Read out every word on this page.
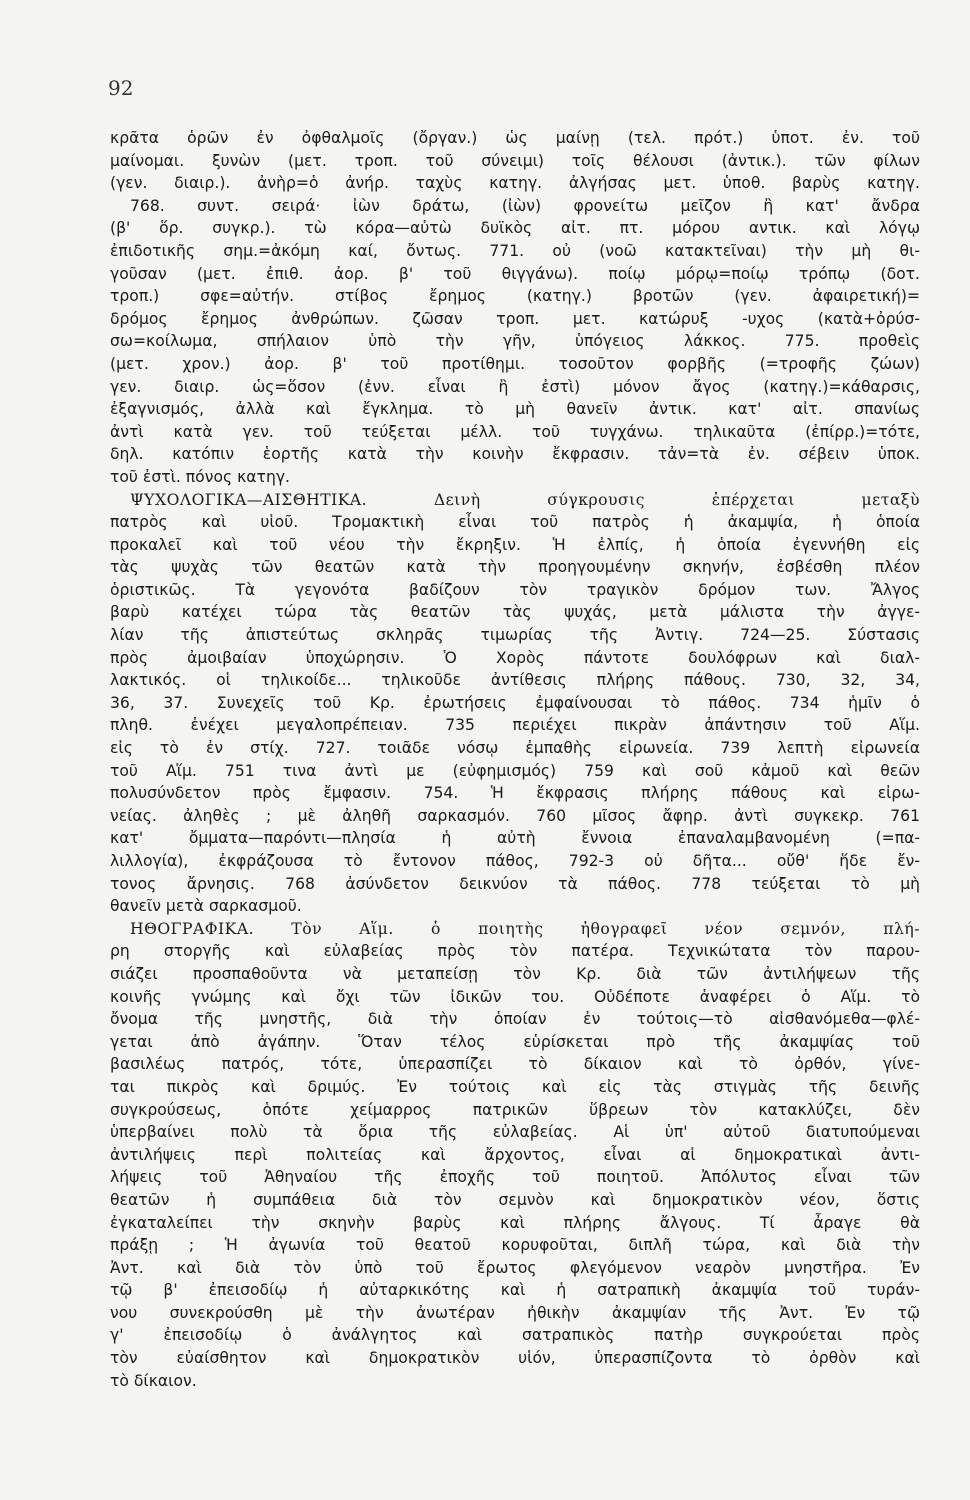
92
κρᾶτα ὁρῶν ἐν ὀφθαλμοῖς (ὄργαν.) ὡς μαίνῃ (τελ. πρότ.) ὑποτ. ἐν. τοῦ
μαίνομαι. ξυνὼν (μετ. τροπ. τοῦ σύνειμι) τοῖς θέλουσι (ἀντικ.). τῶν φίλων
(γεν. διαιρ.). ἀνὴρ=ὁ ἀνήρ. ταχὺς κατηγ. ἀλγήσας μετ. ὑποθ. βαρὺς κατηγ.
768. συντ. σειρά· ἰὼν δράτω, (ἰὼν) φρονείτω μεῖζον ἢ κατ' ἄνδρα
(β' ὅρ. συγκρ.). τὼ κόρα—αὐτὼ δυϊκὸς αἰτ. πτ. μόρου αντικ. καὶ λόγῳ
ἐπιδοτικῆς σημ.=ἀκόμη καί, ὄντως. 771. οὐ (νοῶ κατακτεῖναι) τὴν μὴ θι-
γοῦσαν (μετ. ἐπιθ. ἀορ. β' τοῦ θιγγάνω). ποίῳ μόρῳ=ποίῳ τρόπῳ (δοτ.
τροπ.) σφε=αὐτήν. στίβος ἔρημος (κατηγ.) βροτῶν (γεν. ἀφαιρετική)=
δρόμος ἔρημος ἀνθρώπων. ζῶσαν τροπ. μετ. κατώρυξ -υχος (κατὰ+ὀρύσ-
σω=κοίλωμα, σπήλαιον ὑπὸ τὴν γῆν, ὑπόγειος λάκκος. 775. προθεὶς
(μετ. χρον.) ἀορ. β' τοῦ προτίθημι. τοσοῦτον φορβῆς (=τροφῆς ζώων)
γεν. διαιρ. ὡς=ὅσον (ἐνν. εἶναι ἢ ἐστὶ) μόνον ἄγος (κατηγ.)=κάθαρσις,
ἐξαγνισμός, ἀλλὰ καὶ ἔγκλημα. τὸ μὴ θανεῖν ἀντικ. κατ' αἰτ. σπανίως
ἀντὶ κατὰ γεν. τοῦ τεύξεται μέλλ. τοῦ τυγχάνω. τηλικαῦτα (ἐπίρρ.)=τότε,
δηλ. κατόπιν ἑορτῆς κατὰ τὴν κοινὴν ἔκφρασιν. τἀν=τὰ ἐν. σέβειν ὑποκ.
τοῦ ἐστὶ. πόνος κατηγ.
ΨΥΧΟΛΟΓΙΚΑ—ΑΙΣΘΗΤΙΚΑ. Δεινὴ σύγκρουσις ἐπέρχεται μεταξὺ
πατρὸς καὶ υἱοῦ. Τρομακτικὴ εἶναι τοῦ πατρὸς ἡ ἀκαμψία, ἡ ὁποία
προκαλεῖ καὶ τοῦ νέου τὴν ἔκρηξιν. Ἡ ἐλπίς, ἡ ὁποία ἐγεννήθη εἰς
τὰς ψυχὰς τῶν θεατῶν κατὰ τὴν προηγουμένην σκηνήν, ἐσβέσθη πλέον
ὁριστικῶς. Τὰ γεγονότα βαδίζουν τὸν τραγικὸν δρόμον των. Ἄλγος
βαρὺ κατέχει τώρα τὰς θεατῶν τὰς ψυχάς, μετὰ μάλιστα τὴν ἀγγε-
λίαν τῆς ἀπιστεύτως σκληρᾶς τιμωρίας τῆς Ἀντιγ. 724—25. Σύστασις
πρὸς ἀμοιβαίαν ὑποχώρησιν. Ὁ Χορὸς πάντοτε δουλόφρων καὶ διαλ-
λακτικός. οἱ τηλικοίδε... τηλικοῦδε ἀντίθεσις πλήρης πάθους. 730, 32, 34,
36, 37. Συνεχεῖς τοῦ Κρ. ἐρωτήσεις ἐμφαίνουσαι τὸ πάθος. 734 ἡμῖν ὁ
πληθ. ἐνέχει μεγαλοπρέπειαν. 735 περιέχει πικρὰν ἀπάντησιν τοῦ Αἵμ.
εἰς τὸ ἐν στίχ. 727. τοιᾶδε νόσῳ ἐμπαθὴς εἰρωνεία. 739 λεπτὴ εἰρωνεία
τοῦ Αἵμ. 751 τινα ἀντὶ με (εὐφημισμός) 759 καὶ σοῦ κἀμοῦ καὶ θεῶν
πολυσύνδετον πρὸς ἔμφασιν. 754. Ἡ ἔκφρασις πλήρης πάθους καὶ εἰρω-
νείας. ἀληθὲς ; μὲ ἀληθῆ σαρκασμόν. 760 μῖσος ἄφηρ. ἀντὶ συγκεκρ. 761
κατ' ὄμματα—παρόντι—πλησία ἡ αὐτὴ ἔννοια ἐπαναλαμβανομένη (=πα-
λιλλογία), ἐκφράζουσα τὸ ἔντονον πάθος, 792-3 οὐ δῆτα... οὔθ' ἥδε ἔν-
τονος ἄρνησις. 768 ἀσύνδετον δεικνύον τὰ πάθος. 778 τεύξεται τὸ μὴ
θανεῖν μετὰ σαρκασμοῦ.
ΗΘΟΓΡΑΦΙΚΑ. Τὸν Αἵμ. ὁ ποιητὴς ἠθογραφεῖ νέον σεμνόν, πλή-
ρη στοργῆς καὶ εὐλαβείας πρὸς τὸν πατέρα. Τεχνικώτατα τὸν παρου-
σιάζει προσπαθοῦντα νὰ μεταπείσῃ τὸν Κρ. διὰ τῶν ἀντιλήψεων τῆς
κοινῆς γνώμης καὶ ὄχι τῶν ἰδικῶν του. Οὐδέποτε ἀναφέρει ὁ Αἵμ. τὸ
ὄνομα τῆς μνηστῆς, διὰ τὴν ὁποίαν ἐν τούτοις—τὸ αἰσθανόμεθα—φλέ-
γεται ἀπὸ ἀγάπην. Ὅταν τέλος εὑρίσκεται πρὸ τῆς ἀκαμψίας τοῦ
βασιλέως πατρός, τότε, ὑπερασπίζει τὸ δίκαιον καὶ τὸ ὀρθόν, γίνε-
ται πικρὸς καὶ δριμύς. Ἐν τούτοις καὶ εἰς τὰς στιγμὰς τῆς δεινῆς
συγκρούσεως, ὁπότε χείμαρρος πατρικῶν ὕβρεων τὸν κατακλύζει, δὲν
ὑπερβαίνει πολὺ τὰ ὅρια τῆς εὐλαβείας. Αἱ ὑπ' αὐτοῦ διατυπούμεναι
ἀντιλήψεις περὶ πολιτείας καὶ ἄρχοντος, εἶναι αἱ δημοκρατικαὶ ἀντι-
λήψεις τοῦ Ἀθηναίου τῆς ἐποχῆς τοῦ ποιητοῦ. Ἀπόλυτος εἶναι τῶν
θεατῶν ἡ συμπάθεια διὰ τὸν σεμνὸν καὶ δημοκρατικὸν νέον, ὅστις
ἐγκαταλείπει τὴν σκηνὴν βαρὺς καὶ πλήρης ἄλγους. Τί ἆραγε θὰ
πράξῃ ; Ἡ ἀγωνία τοῦ θεατοῦ κορυφοῦται, διπλῆ τώρα, καὶ διὰ τὴν
Ἀντ. καὶ διὰ τὸν ὑπὸ τοῦ ἔρωτος φλεγόμενον νεαρὸν μνηστῆρα. Ἐν
τῷ β' ἐπεισοδίῳ ἡ αὐταρκικότης καὶ ἡ σατραπικὴ ἀκαμψία τοῦ τυράν-
νου συνεκρούσθη μὲ τὴν ἀνωτέραν ἠθικὴν ἀκαμψίαν τῆς Ἀντ. Ἐν τῷ
γ' ἐπεισοδίῳ ὁ ἀνάλγητος καὶ σατραπικὸς πατὴρ συγκρούεται πρὸς
τὸν εὐαίσθητον καὶ δημοκρατικὸν υἱόν, ὑπερασπίζοντα τὸ ὀρθὸν καὶ
τὸ δίκαιον.
